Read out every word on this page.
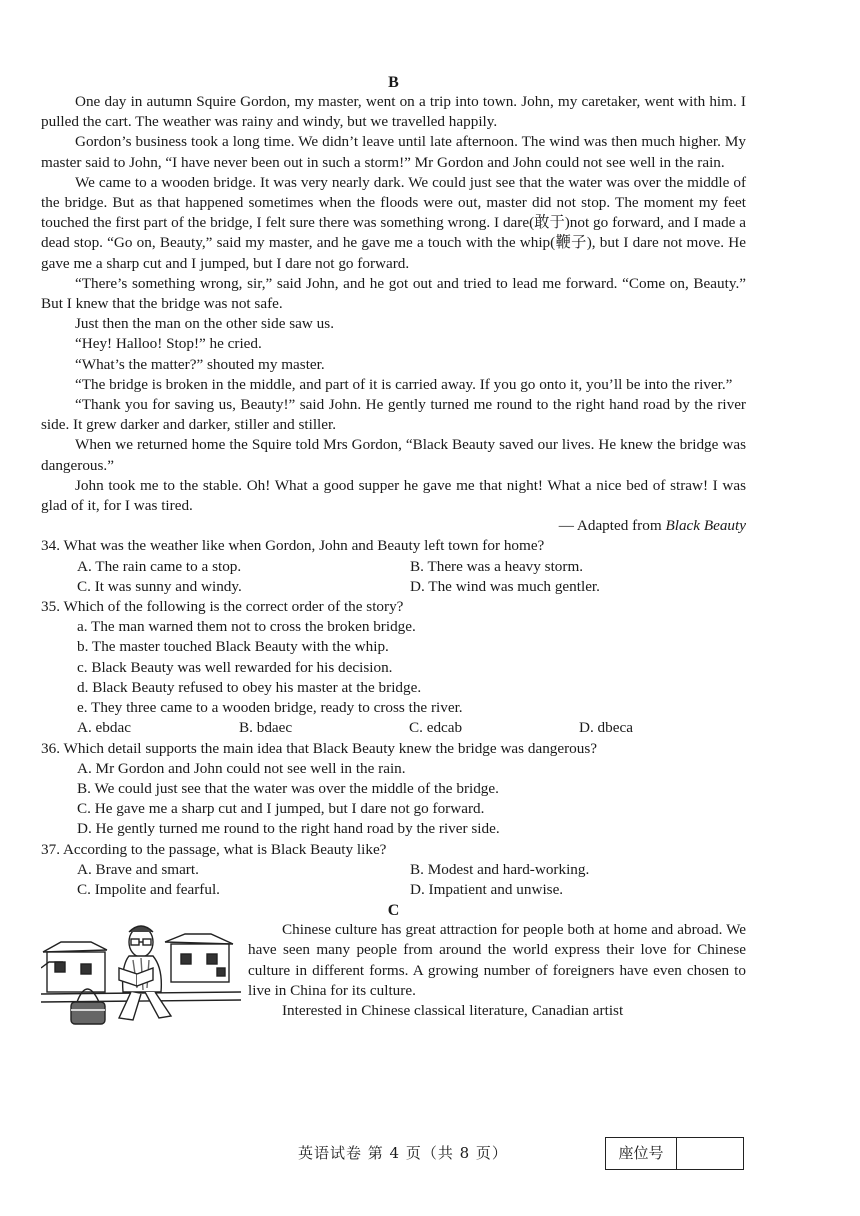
B

One day in autumn Squire Gordon, my master, went on a trip into town. John, my caretaker, went with him. I pulled the cart. The weather was rainy and windy, but we travelled happily.

Gordon’s business took a long time. We didn’t leave until late afternoon. The wind was then much higher. My master said to John, “I have never been out in such a storm!” Mr Gordon and John could not see well in the rain.

We came to a wooden bridge. It was very nearly dark. We could just see that the water was over the middle of the bridge. But as that happened sometimes when the floods were out, master did not stop. The moment my feet touched the first part of the bridge, I felt sure there was something wrong. I dare(敢于)not go forward, and I made a dead stop. “Go on, Beauty,” said my master, and he gave me a touch with the whip(鞭子), but I dare not move. He gave me a sharp cut and I jumped, but I dare not go forward.

“There’s something wrong, sir,” said John, and he got out and tried to lead me forward. “Come on, Beauty.” But I knew that the bridge was not safe.

Just then the man on the other side saw us.

“Hey! Halloo! Stop!” he cried.

“What’s the matter?” shouted my master.

“The bridge is broken in the middle, and part of it is carried away. If you go onto it, you’ll be into the river.”

“Thank you for saving us, Beauty!” said John. He gently turned me round to the right hand road by the river side. It grew darker and darker, stiller and stiller.

When we returned home the Squire told Mrs Gordon, “Black Beauty saved our lives. He knew the bridge was dangerous.”

John took me to the stable. Oh! What a good supper he gave me that night! What a nice bed of straw! I was glad of it, for I was tired.

— Adapted from Black Beauty
34. What was the weather like when Gordon, John and Beauty left town for home?
A. The rain came to a stop.	B. There was a heavy storm.
C. It was sunny and windy.	D. The wind was much gentler.
35. Which of the following is the correct order of the story?
a. The man warned them not to cross the broken bridge.
b. The master touched Black Beauty with the whip.
c. Black Beauty was well rewarded for his decision.
d. Black Beauty refused to obey his master at the bridge.
e. They three came to a wooden bridge, ready to cross the river.
A. ebdac	B. bdaec	C. edcab	D. dbeca
36. Which detail supports the main idea that Black Beauty knew the bridge was dangerous?
A. Mr Gordon and John could not see well in the rain.
B. We could just see that the water was over the middle of the bridge.
C. He gave me a sharp cut and I jumped, but I dare not go forward.
D. He gently turned me round to the right hand road by the river side.
37. According to the passage, what is Black Beauty like?
A. Brave and smart.	B. Modest and hard-working.
C. Impolite and fearful.	D. Impatient and unwise.
C

Chinese culture has great attraction for people both at home and abroad. We have seen many people from around the world express their love for Chinese culture in different forms. A growing number of foreigners have even chosen to live in China for its culture.

Interested in Chinese classical literature, Canadian artist

英语试卷 第 4 页（共 8 页）	座位号
